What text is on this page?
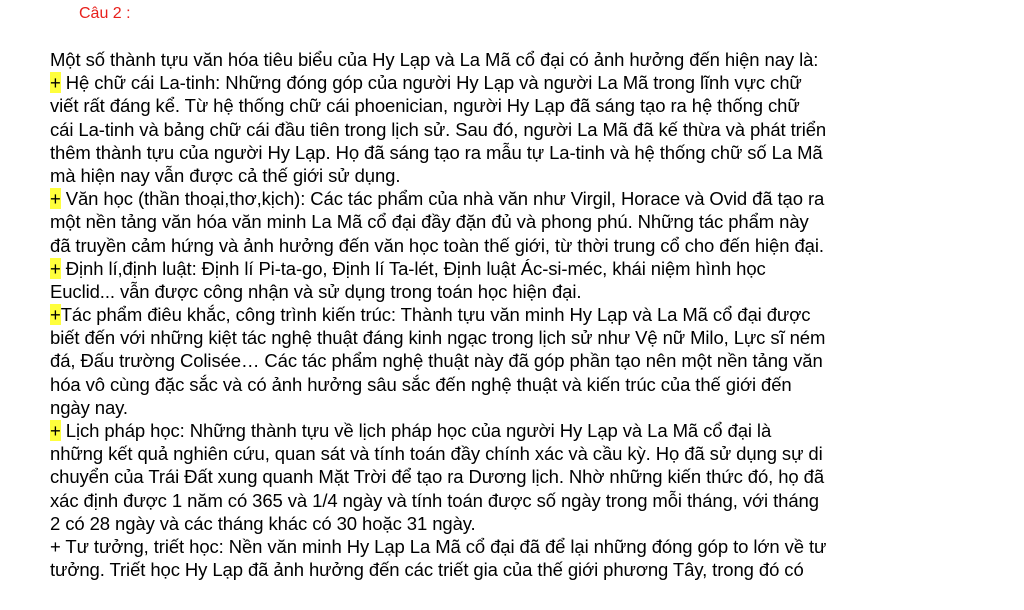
Câu 2 :
Một số thành tựu văn hóa tiêu biểu của Hy Lạp và La Mã cổ đại có ảnh hưởng đến hiện nay là:
+ Hệ chữ cái La-tinh: Những đóng góp của người Hy Lạp và người La Mã trong lĩnh vực chữ
viết rất đáng kể. Từ hệ thống chữ cái phoenician, người Hy Lạp đã sáng tạo ra hệ thống chữ
cái La-tinh và bảng chữ cái đầu tiên trong lịch sử. Sau đó, người La Mã đã kế thừa và phát triển
thêm thành tựu của người Hy Lạp. Họ đã sáng tạo ra mẫu tự La-tinh và hệ thống chữ số La Mã
mà hiện nay vẫn được cả thế giới sử dụng.
+ Văn học (thần thoại,thơ,kịch): Các tác phẩm của nhà văn như Virgil, Horace và Ovid đã tạo ra
một nền tảng văn hóa văn minh La Mã cổ đại đầy đặn đủ và phong phú. Những tác phẩm này
đã truyền cảm hứng và ảnh hưởng đến văn học toàn thế giới, từ thời trung cổ cho đến hiện đại.
+ Định lí,định luật: Định lí Pi-ta-go, Định lí Ta-lét, Định luật Ác-si-méc, khái niệm hình học
Euclid... vẫn được công nhận và sử dụng trong toán học hiện đại.
+Tác phẩm điêu khắc, công trình kiến trúc: Thành tựu văn minh Hy Lạp và La Mã cổ đại được
biết đến với những kiệt tác nghệ thuật đáng kinh ngạc trong lịch sử như Vệ nữ Milo, Lực sĩ ném
đá, Đấu trường Colisée… Các tác phẩm nghệ thuật này đã góp phần tạo nên một nền tảng văn
hóa vô cùng đặc sắc và có ảnh hưởng sâu sắc đến nghệ thuật và kiến trúc của thế giới đến
ngày nay.
+ Lịch pháp học: Những thành tựu về lịch pháp học của người Hy Lạp và La Mã cổ đại là
những kết quả nghiên cứu, quan sát và tính toán đầy chính xác và cầu kỳ. Họ đã sử dụng sự di
chuyển của Trái Đất xung quanh Mặt Trời để tạo ra Dương lịch. Nhờ những kiến thức đó, họ đã
xác định được 1 năm có 365 và 1/4 ngày và tính toán được số ngày trong mỗi tháng, với tháng
2 có 28 ngày và các tháng khác có 30 hoặc 31 ngày.
+ Tư tưởng, triết học: Nền văn minh Hy Lạp La Mã cổ đại đã để lại những đóng góp to lớn về tư
tưởng. Triết học Hy Lạp đã ảnh hưởng đến các triết gia của thế giới phương Tây, trong đó có
